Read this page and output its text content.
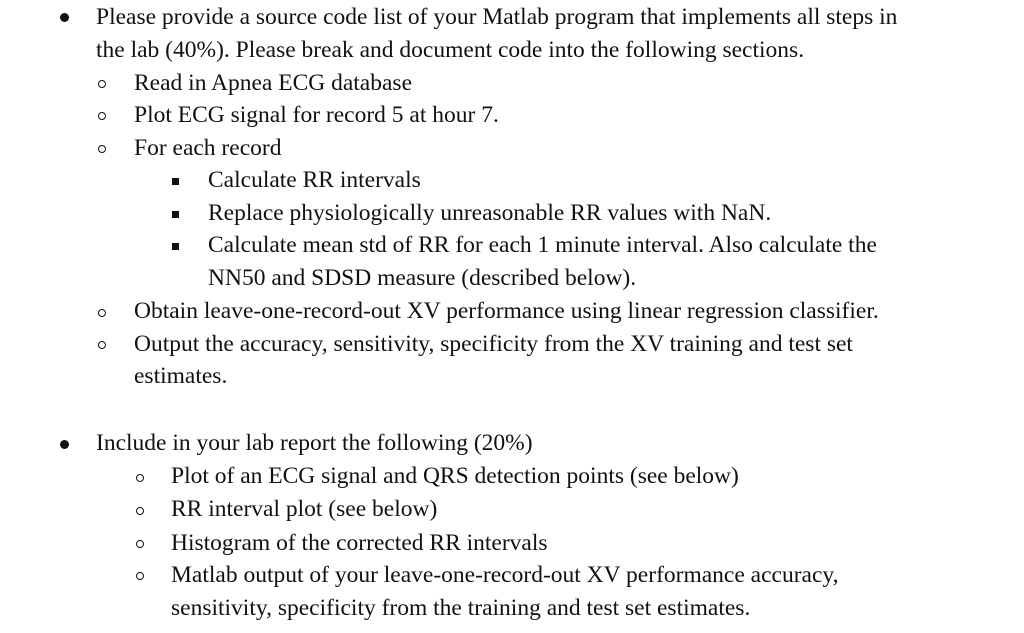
Please provide a source code list of your Matlab program that implements all steps in
the lab (40%). Please break and document code into the following sections.
Read in Apnea ECG database
Plot ECG signal for record 5 at hour 7.
For each record
Calculate RR intervals
Replace physiologically unreasonable RR values with NaN.
Calculate mean std of RR for each 1 minute interval. Also calculate the
NN50 and SDSD measure (described below).
Obtain leave-one-record-out XV performance using linear regression classifier.
Output the accuracy, sensitivity, specificity from the XV training and test set
estimates.
Include in your lab report the following (20%)
Plot of an ECG signal and QRS detection points (see below)
RR interval plot (see below)
Histogram of the corrected RR intervals
Matlab output of your leave-one-record-out XV performance accuracy,
sensitivity, specificity from the training and test set estimates.
